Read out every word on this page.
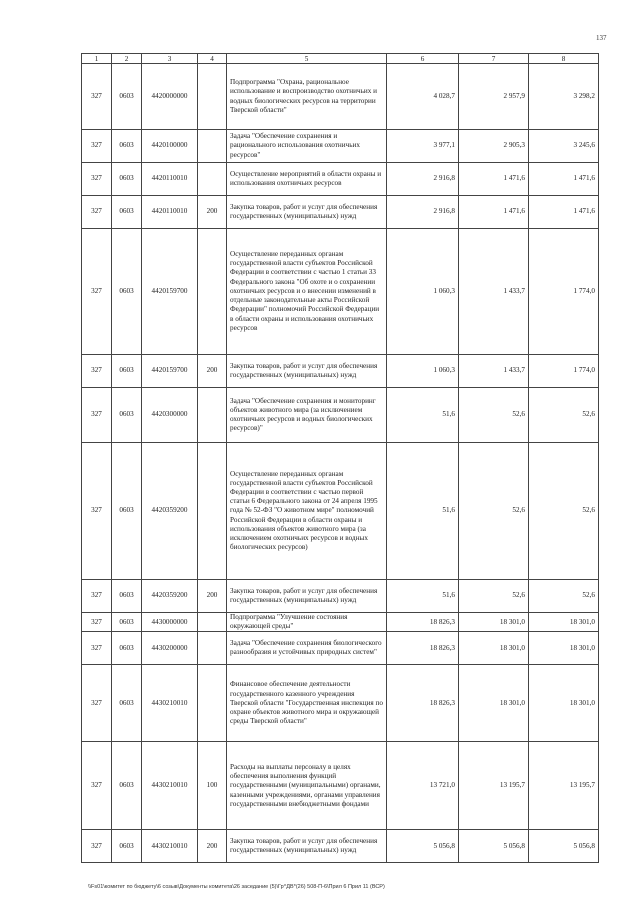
137
1	2	3	4	5	6	7	8
327	0603	4420000000		Подпрограмма "Охрана, рациональное использование и воспроизводство охотничьих и водных биологических ресурсов на территории Тверской области"	4 028,7	2 957,9	3 298,2
327	0603	4420100000		Задача "Обеспечение сохранения и рационального использования охотничьих ресурсов"	3 977,1	2 905,3	3 245,6
327	0603	4420110010		Осуществление мероприятий в области охраны и использования охотничьих ресурсов	2 916,8	1 471,6	1 471,6
327	0603	4420110010	200	Закупка товаров, работ и услуг для обеспечения государственных (муниципальных) нужд	2 916,8	1 471,6	1 471,6
327	0603	4420159700		Осуществление переданных органам государственной власти субъектов Российской Федерации в соответствии с частью 1 статьи 33 Федерального закона "Об охоте и о сохранении охотничьих ресурсов и о внесении изменений в отдельные законодательные акты Российской Федерации" полномочий Российской Федерации в области охраны и использования охотничьих ресурсов	1 060,3	1 433,7	1 774,0
327	0603	4420159700	200	Закупка товаров, работ и услуг для обеспечения государственных (муниципальных) нужд	1 060,3	1 433,7	1 774,0
327	0603	4420300000		Задача "Обеспечение сохранения и мониторинг объектов животного мира (за исключением охотничьих ресурсов и водных биологических ресурсов)"	51,6	52,6	52,6
327	0603	4420359200		Осуществление переданных органам государственной власти субъектов Российской Федерации в соответствии с частью первой статьи 6 Федерального закона от 24 апреля 1995 года № 52-ФЗ "О животном мире" полномочий Российской Федерации в области охраны и использования объектов животного мира (за исключением охотничьих ресурсов и водных биологических ресурсов)	51,6	52,6	52,6
327	0603	4420359200	200	Закупка товаров, работ и услуг для обеспечения государственных (муниципальных) нужд	51,6	52,6	52,6
327	0603	4430000000		Подпрограмма "Улучшение состояния окружающей среды"	18 826,3	18 301,0	18 301,0
327	0603	4430200000		Задача "Обеспечение сохранения биологического разнообразия и устойчивых природных систем"	18 826,3	18 301,0	18 301,0
327	0603	4430210010		Финансовое обеспечение деятельности государственного казенного учреждения Тверской области "Государственная инспекция по охране объектов животного мира и окружающей среды Тверской области"	18 826,3	18 301,0	18 301,0
327	0603	4430210010	100	Расходы на выплаты персоналу в целях обеспечения выполнения функций государственными (муниципальными) органами, казенными учреждениями, органами управления государственными внебюджетными фондами	13 721,0	13 195,7	13 195,7
327	0603	4430210010	200	Закупка товаров, работ и услуг для обеспечения государственных (муниципальных) нужд	5 056,8	5 056,8	5 056,8
\\Fs01\комитет по бюджету\6 созыв\Документы комитета\26 заседание (5)\Гр^ДВ*(26) 508-П-6\Прил 6 Прил 11 (ВСР)
